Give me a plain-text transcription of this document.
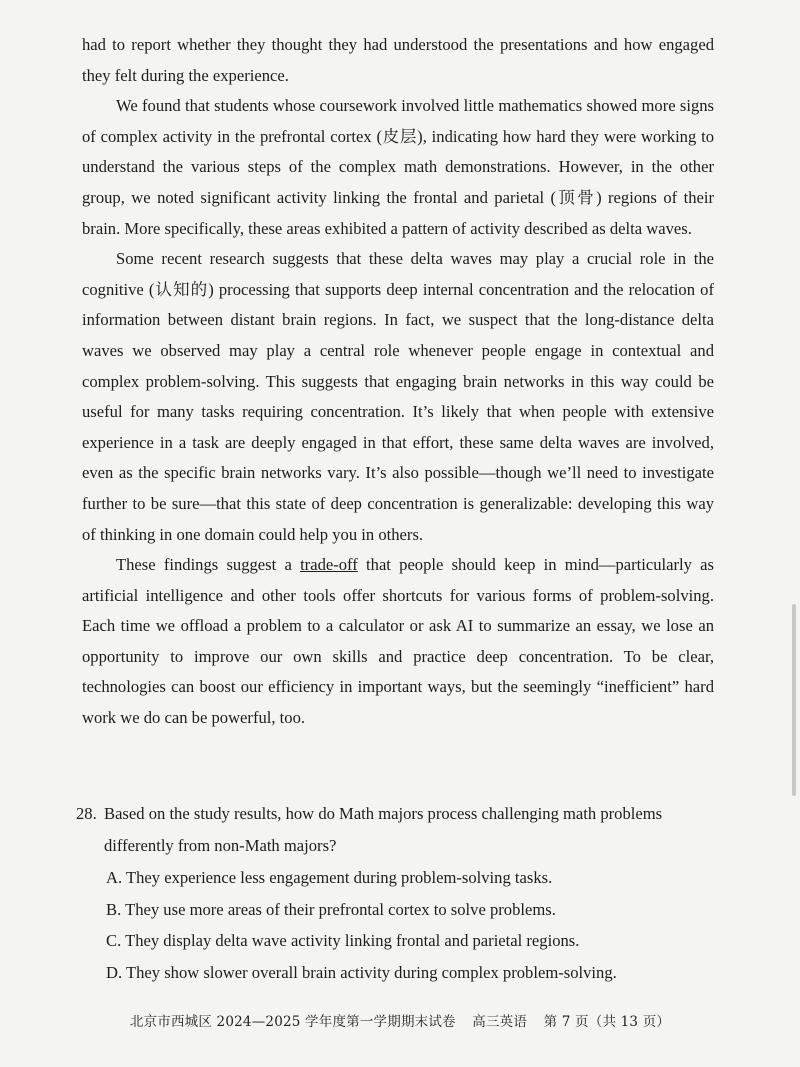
had to report whether they thought they had understood the presentations and how engaged they felt during the experience.

We found that students whose coursework involved little mathematics showed more signs of complex activity in the prefrontal cortex (皮层), indicating how hard they were working to understand the various steps of the complex math demonstrations. However, in the other group, we noted significant activity linking the frontal and parietal (顶骨) regions of their brain. More specifically, these areas exhibited a pattern of activity described as delta waves.

Some recent research suggests that these delta waves may play a crucial role in the cognitive (认知的) processing that supports deep internal concentration and the relocation of information between distant brain regions. In fact, we suspect that the long-distance delta waves we observed may play a central role whenever people engage in contextual and complex problem-solving. This suggests that engaging brain networks in this way could be useful for many tasks requiring concentration. It’s likely that when people with extensive experience in a task are deeply engaged in that effort, these same delta waves are involved, even as the specific brain networks vary. It’s also possible—though we’ll need to investigate further to be sure—that this state of deep concentration is generalizable: developing this way of thinking in one domain could help you in others.

These findings suggest a trade-off that people should keep in mind—particularly as artificial intelligence and other tools offer shortcuts for various forms of problem-solving. Each time we offload a problem to a calculator or ask AI to summarize an essay, we lose an opportunity to improve our own skills and practice deep concentration. To be clear, technologies can boost our efficiency in important ways, but the seemingly “inefficient” hard work we do can be powerful, too.

28. Based on the study results, how do Math majors process challenging math problems differently from non-Math majors?
A. They experience less engagement during problem-solving tasks.
B. They use more areas of their prefrontal cortex to solve problems.
C. They display delta wave activity linking frontal and parietal regions.
D. They show slower overall brain activity during complex problem-solving.
北京市西城区 2024—2025 学年度第一学期期末试卷 高三英语 第 7 页（共 13 页）
